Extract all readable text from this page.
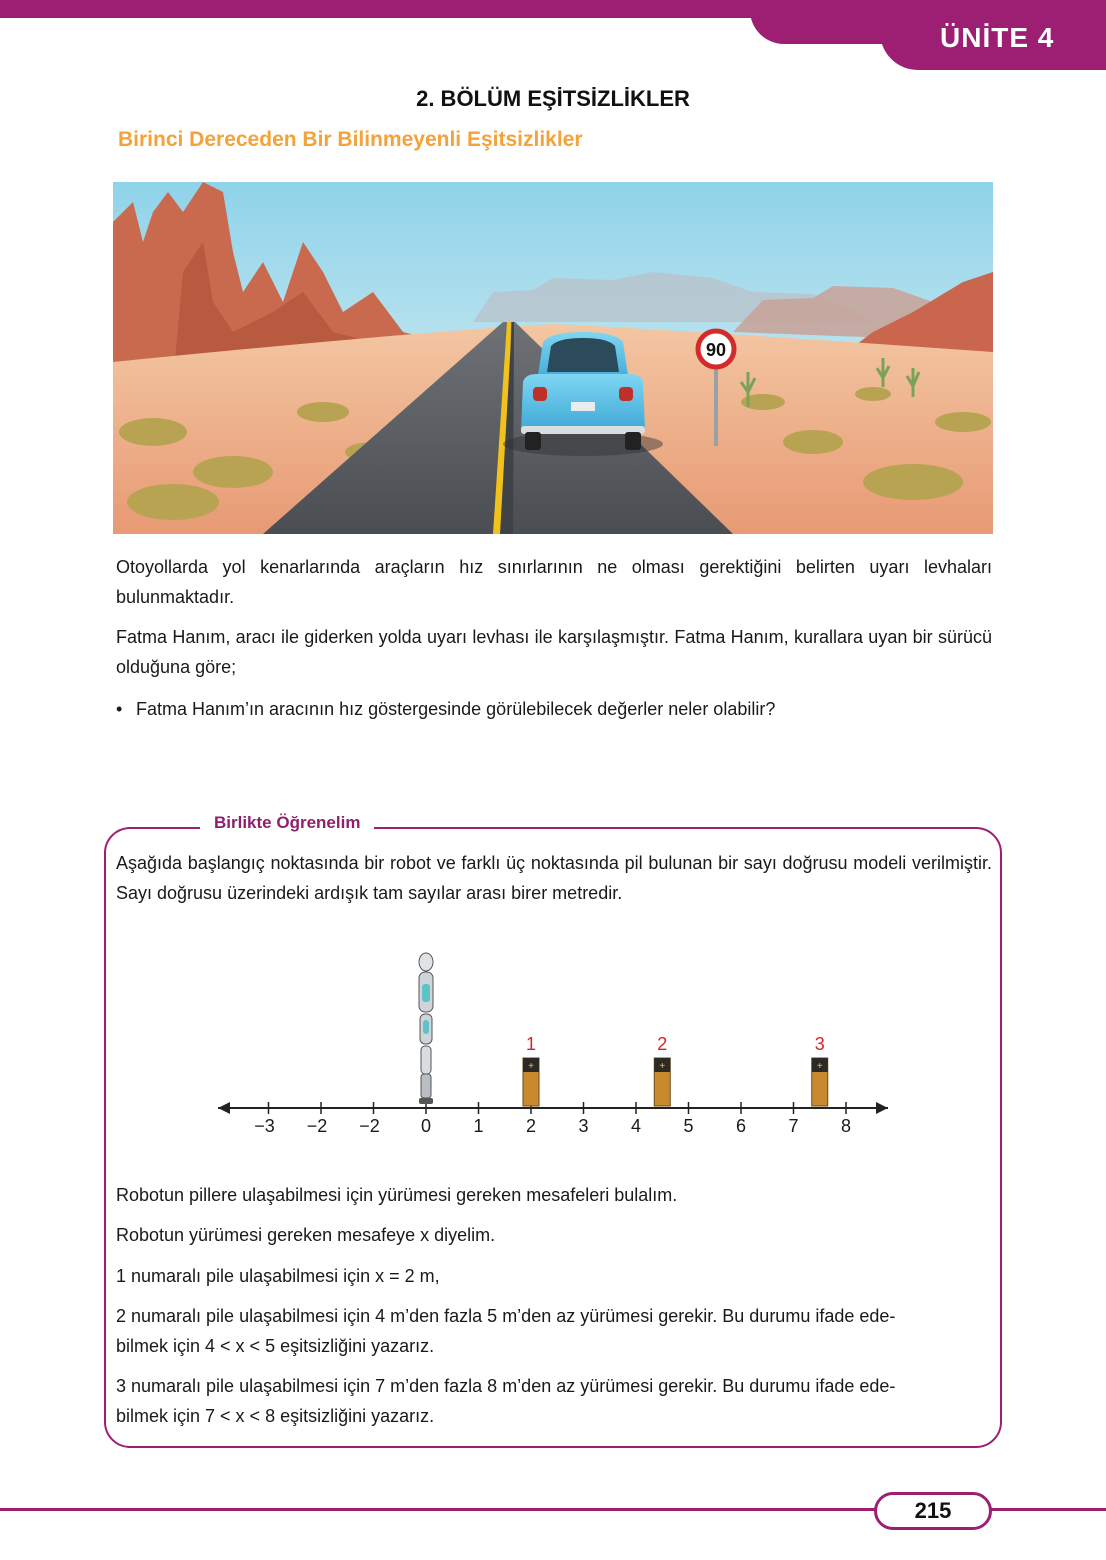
ÜNİTE 4
2. BÖLÜM EŞİTSİZLİKLER
Birinci Dereceden Bir Bilinmeyenli Eşitsizlikler
90

Otoyollarda yol kenarlarında araçların hız sınırlarının ne olması gerektiğini belirten uyarı levhaları bulunmaktadır.

Fatma Hanım, aracı ile giderken yolda uyarı levhası ile karşılaşmıştır. Fatma Hanım, kurallara uyan bir sürücü olduğuna göre;

• Fatma Hanım’ın aracının hız göstergesinde görülebilecek değerler neler olabilir?
Birlikte Öğrenelim

Aşağıda başlangıç noktasında bir robot ve farklı üç noktasında pil bulunan bir sayı doğrusu modeli verilmiştir. Sayı doğrusu üzerindeki ardışık tam sayılar arası birer metredir.

−3 −2 −2 0 1 2 3 4 5 6 7 8
+
1
+
2
+
3

Robotun pillere ulaşabilmesi için yürümesi gereken mesafeleri bulalım.

Robotun yürümesi gereken mesafeye x diyelim.

1 numaralı pile ulaşabilmesi için x = 2 m,

2 numaralı pile ulaşabilmesi için 4 m’den fazla 5 m’den az yürümesi gerekir. Bu durumu ifade ede-

bilmek için 4 < x < 5 eşitsizliğini yazarız.

3 numaralı pile ulaşabilmesi için 7 m’den fazla 8 m’den az yürümesi gerekir. Bu durumu ifade ede-

bilmek için 7 < x < 8 eşitsizliğini yazarız.

215
